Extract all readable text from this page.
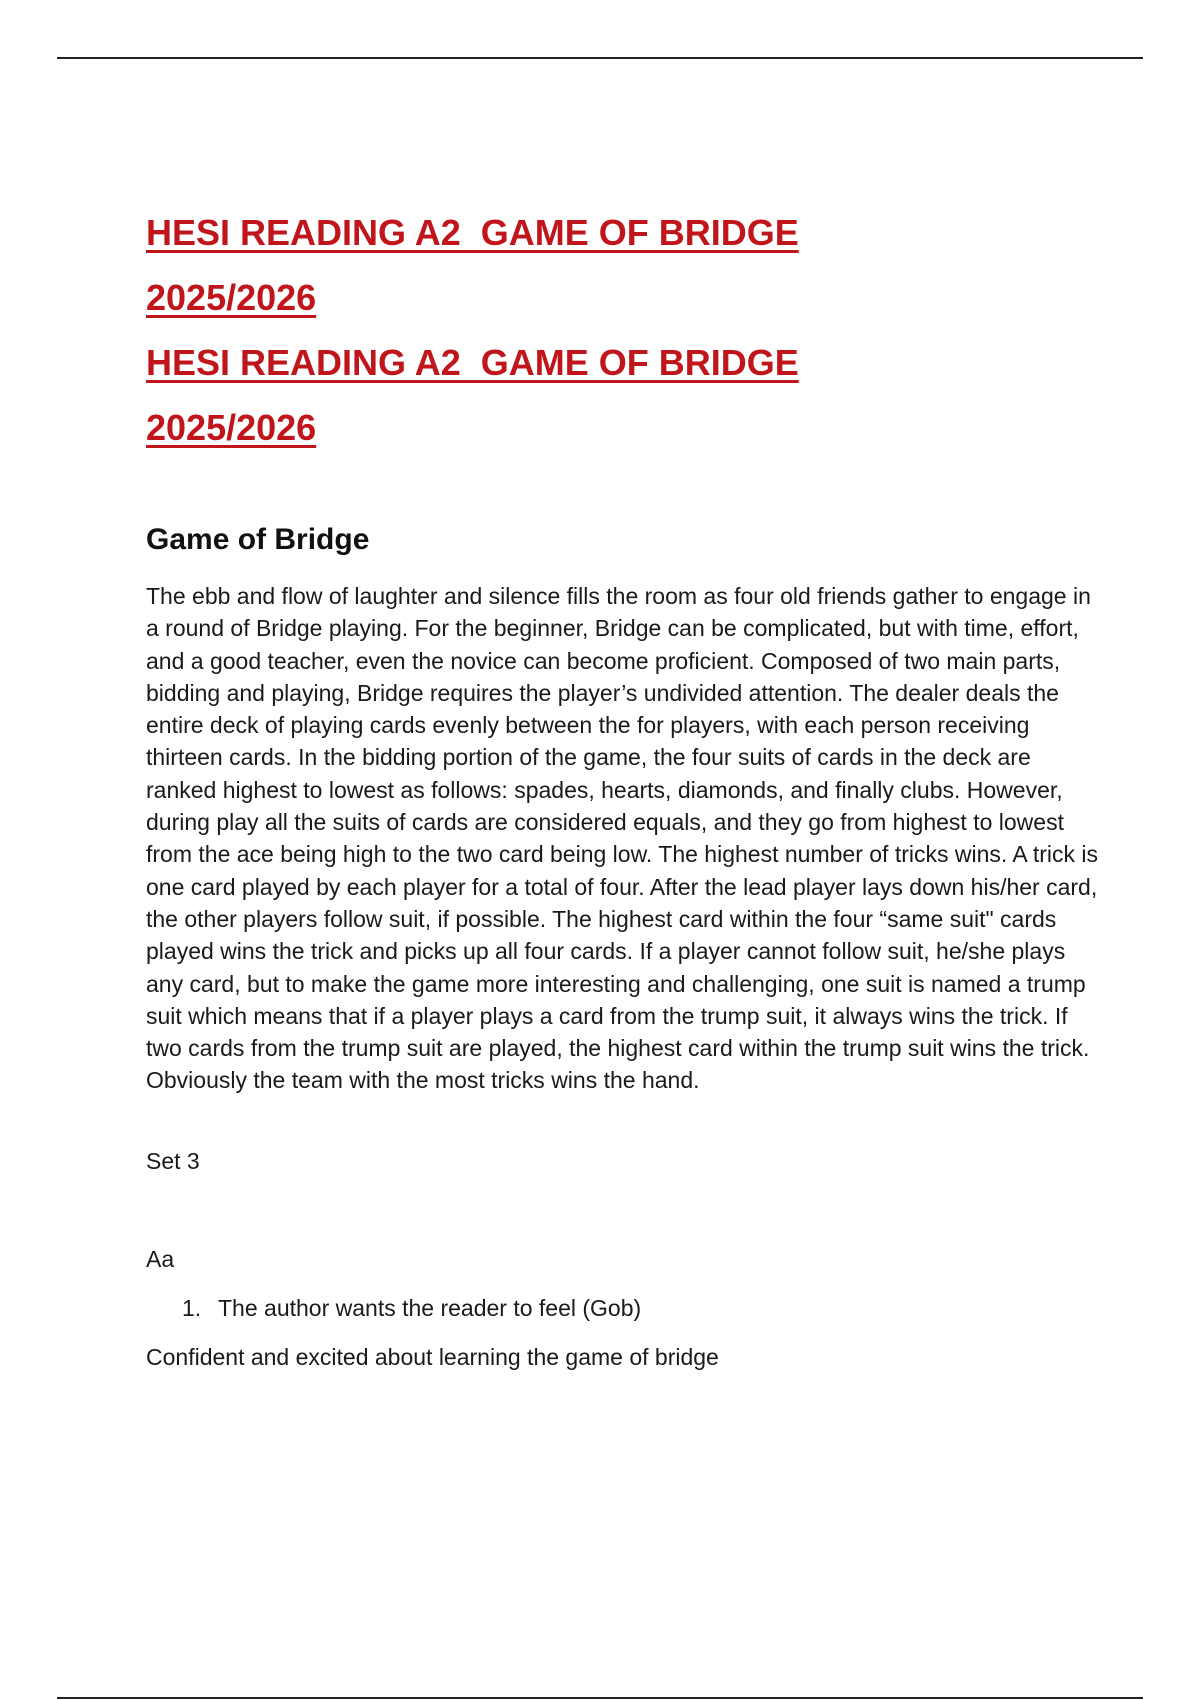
HESI READING A2  GAME OF BRIDGE
2025/2026
HESI READING A2  GAME OF BRIDGE
2025/2026
Game of Bridge

The ebb and flow of laughter and silence fills the room as four old friends gather to engage in a round of Bridge playing. For the beginner, Bridge can be complicated, but with time, effort, and a good teacher, even the novice can become proficient. Composed of two main parts, bidding and playing, Bridge requires the player’s undivided attention. The dealer deals the entire deck of playing cards evenly between the for players, with each person receiving thirteen cards. In the bidding portion of the game, the four suits of cards in the deck are ranked highest to lowest as follows: spades, hearts, diamonds, and finally clubs. However, during play all the suits of cards are considered equals, and they go from highest to lowest from the ace being high to the two card being low. The highest number of tricks wins. A trick is one card played by each player for a total of four. After the lead player lays down his/her card, the other players follow suit, if possible. The highest card within the four “same suit" cards played wins the trick and picks up all four cards. If a player cannot follow suit, he/she plays any card, but to make the game more interesting and challenging, one suit is named a trump suit which means that if a player plays a card from the trump suit, it always wins the trick. If two cards from the trump suit are played, the highest card within the trump suit wins the trick. Obviously the team with the most tricks wins the hand.

Set 3

Aa

1. The author wants the reader to feel (Gob)

Confident and excited about learning the game of bridge
